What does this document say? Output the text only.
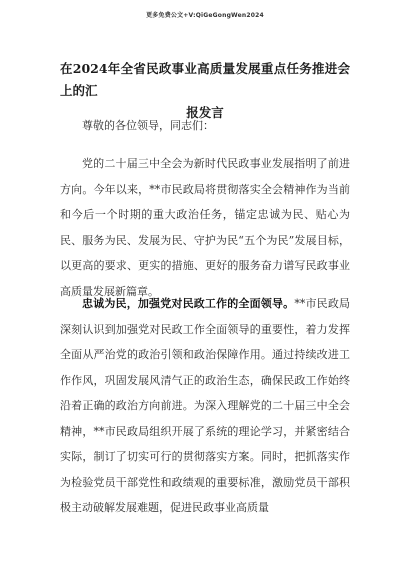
更多免费公文+V:QiGeGongWen2024
在2024年全省民政事业高质量发展重点任务推进会上的汇
报发言
尊敬的各位领导，同志们：
党的二十届三中全会为新时代民政事业发展指明了前进方向。今年以来，**市民政局将贯彻落实全会精神作为当前和今后一个时期的重大政治任务，锚定忠诚为民、贴心为民、服务为民、发展为民、守护为民“五个为民”发展目标，以更高的要求、更实的措施、更好的服务奋力谱写民政事业高质量发展新篇章。
忠诚为民，加强党对民政工作的全面领导。**市民政局深刻认识到加强党对民政工作全面领导的重要性，着力发挥全面从严治党的政治引领和政治保障作用。通过持续改进工作作风，巩固发展风清气正的政治生态，确保民政工作始终沿着正确的政治方向前进。为深入理解党的二十届三中全会精神，**市民政局组织开展了系统的理论学习，并紧密结合实际，制订了切实可行的贯彻落实方案。同时，把抓落实作为检验党员干部党性和政绩观的重要标准，激励党员干部积极主动破解发展难题，促进民政事业高质量
